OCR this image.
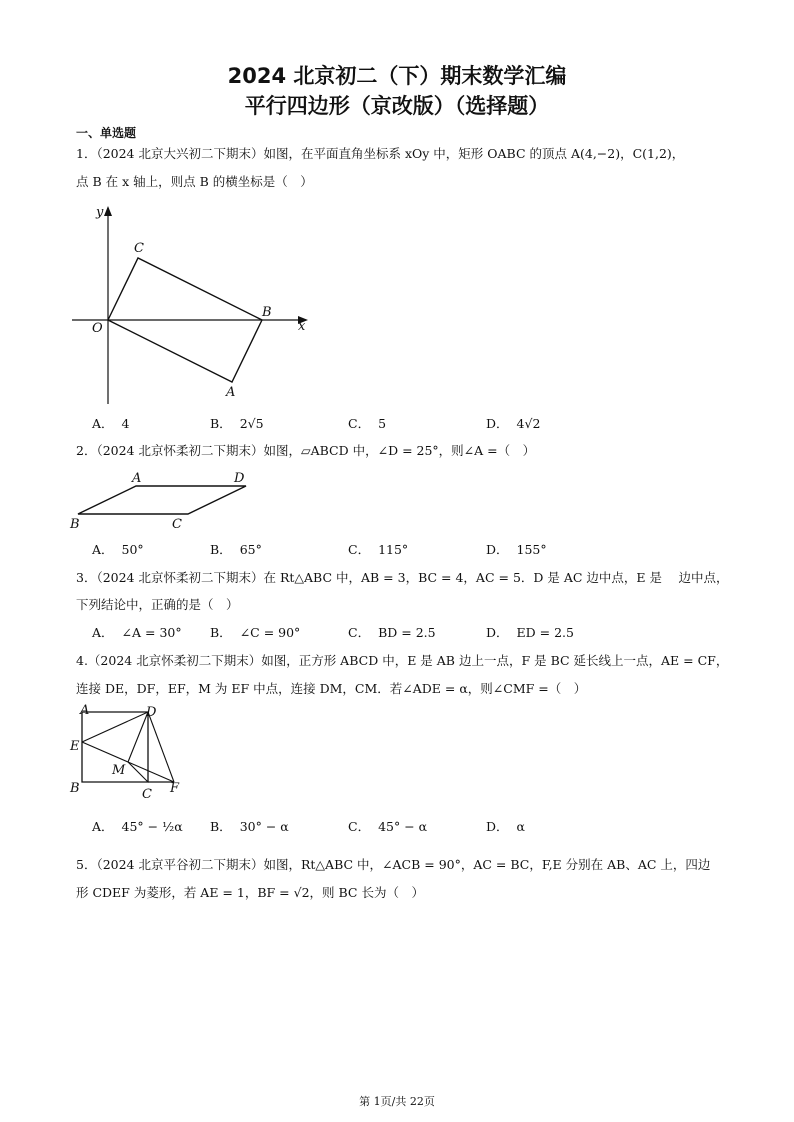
2024 北京初二（下）期末数学汇编
平行四边形（京改版）（选择题）
一、单选题
1．（2024 北京大兴初二下期末）如图，在平面直角坐标系 xOy 中，矩形 OABC 的顶点 A(4,−2)，C(1,2)，
点 B 在 x 轴上，则点 B 的横坐标是（　）
y
x
O
C
B
A
A． 4	B． 2√5	C． 5	D． 4√2
2．（2024 北京怀柔初二下期末）如图，▱ABCD 中，∠D = 25°，则∠A =（　）
A	D
B	C
A． 50°	B． 65°	C． 115°	D． 155°
3．（2024 北京怀柔初二下期末）在 Rt△ABC 中，AB = 3，BC = 4，AC = 5．D 是 AC 边中点，E 是　 边中点，
下列结论中，正确的是（　）
A． ∠A = 30° B． ∠C = 90°	C． BD = 2.5	D． ED = 2.5
4.（2024 北京怀柔初二下期末）如图，正方形 ABCD 中，E 是 AB 边上一点，F 是 BC 延长线上一点，AE = CF，
连接 DE，DF，EF，M 为 EF 中点，连接 DM，CM．若∠ADE = α，则∠CMF =（　）
A	D
E
M
B	C F
A． 45° − ½α B． 30° − α	C． 45° − α	D． α
5．（2024 北京平谷初二下期末）如图，Rt△ABC 中，∠ACB = 90°，AC = BC，F,E 分别在 AB、AC 上，四边
形 CDEF 为菱形，若 AE = 1，BF = √2，则 BC 长为（　）
第 1页/共 22页
